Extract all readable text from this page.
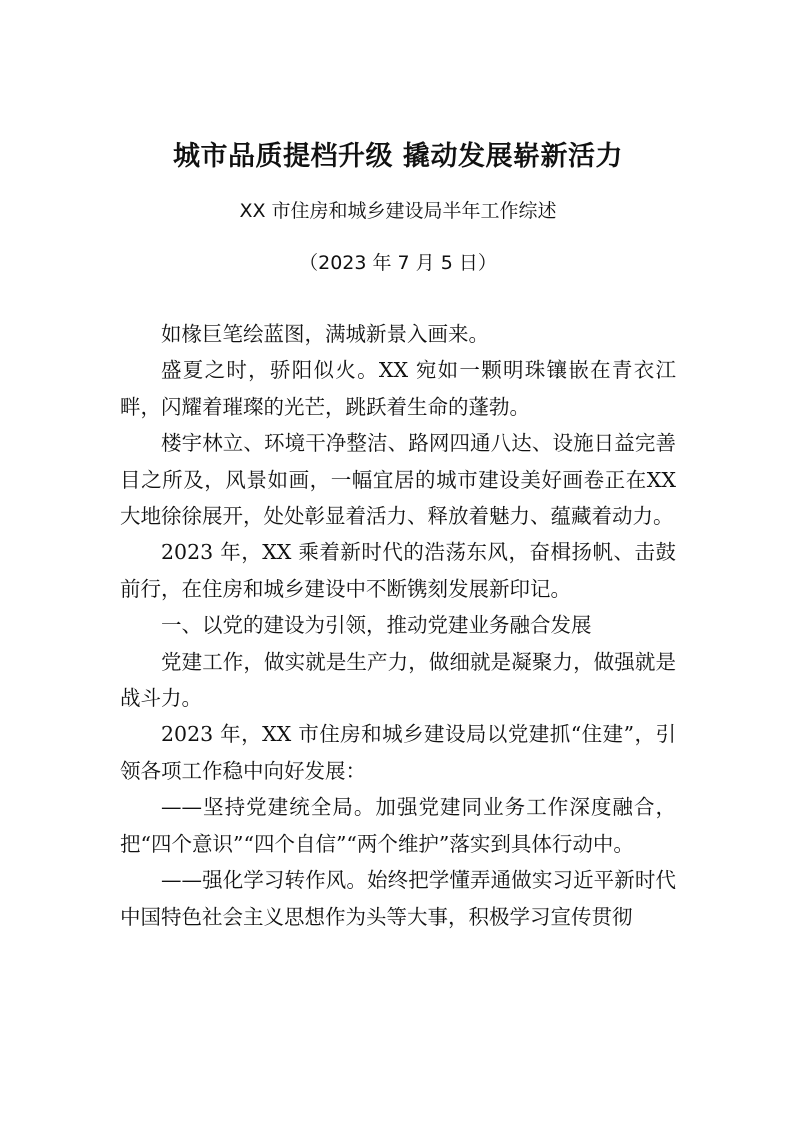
城市品质提档升级 撬动发展崭新活力
XX 市住房和城乡建设局半年工作综述
（2023 年 7 月 5 日）

如椽巨笔绘蓝图，满城新景入画来。

盛夏之时，骄阳似火。XX 宛如一颗明珠镶嵌在青衣江畔，闪耀着璀璨的光芒，跳跃着生命的蓬勃。

楼宇林立、环境干净整洁、路网四通八达、设施日益完善目之所及，风景如画，一幅宜居的城市建设美好画卷正在XX 大地徐徐展开，处处彰显着活力、释放着魅力、蕴藏着动力。

2023 年，XX 乘着新时代的浩荡东风，奋楫扬帆、击鼓前行，在住房和城乡建设中不断镌刻发展新印记。

一、以党的建设为引领，推动党建业务融合发展

党建工作，做实就是生产力，做细就是凝聚力，做强就是战斗力。

2023 年，XX 市住房和城乡建设局以党建抓“住建”，引领各项工作稳中向好发展：

——坚持党建统全局。加强党建同业务工作深度融合， 把“四个意识”“四个自信”“两个维护”落实到具体行动中。

——强化学习转作风。始终把学懂弄通做实习近平新时代中国特色社会主义思想作为头等大事，积极学习宣传贯彻
